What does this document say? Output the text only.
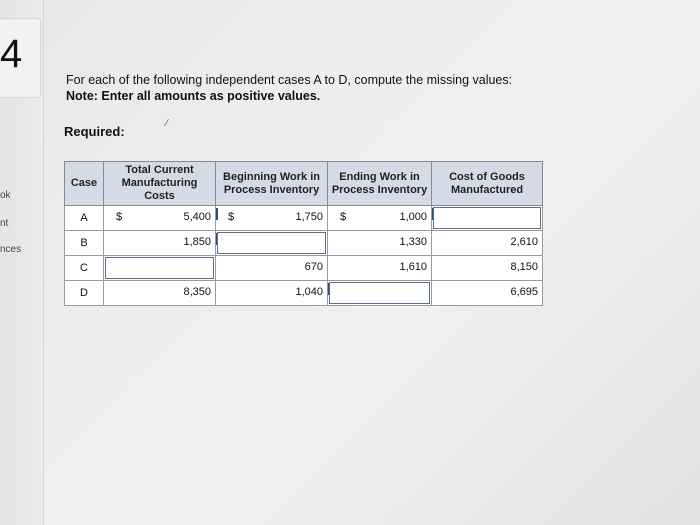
4
ok
nt
nces
For each of the following independent cases A to D, compute the missing values:
Note: Enter all amounts as positive values.
Required:
∕
Case	Total Current Manufacturing Costs	Beginning Work in Process Inventory	Ending Work in Process Inventory	Cost of Goods Manufactured
A	$ 5,400	$ 1,750	$ 1,000	

B	1,850		1,330	2,610

C		670	1,610	8,150

D	8,350	1,040		6,695
